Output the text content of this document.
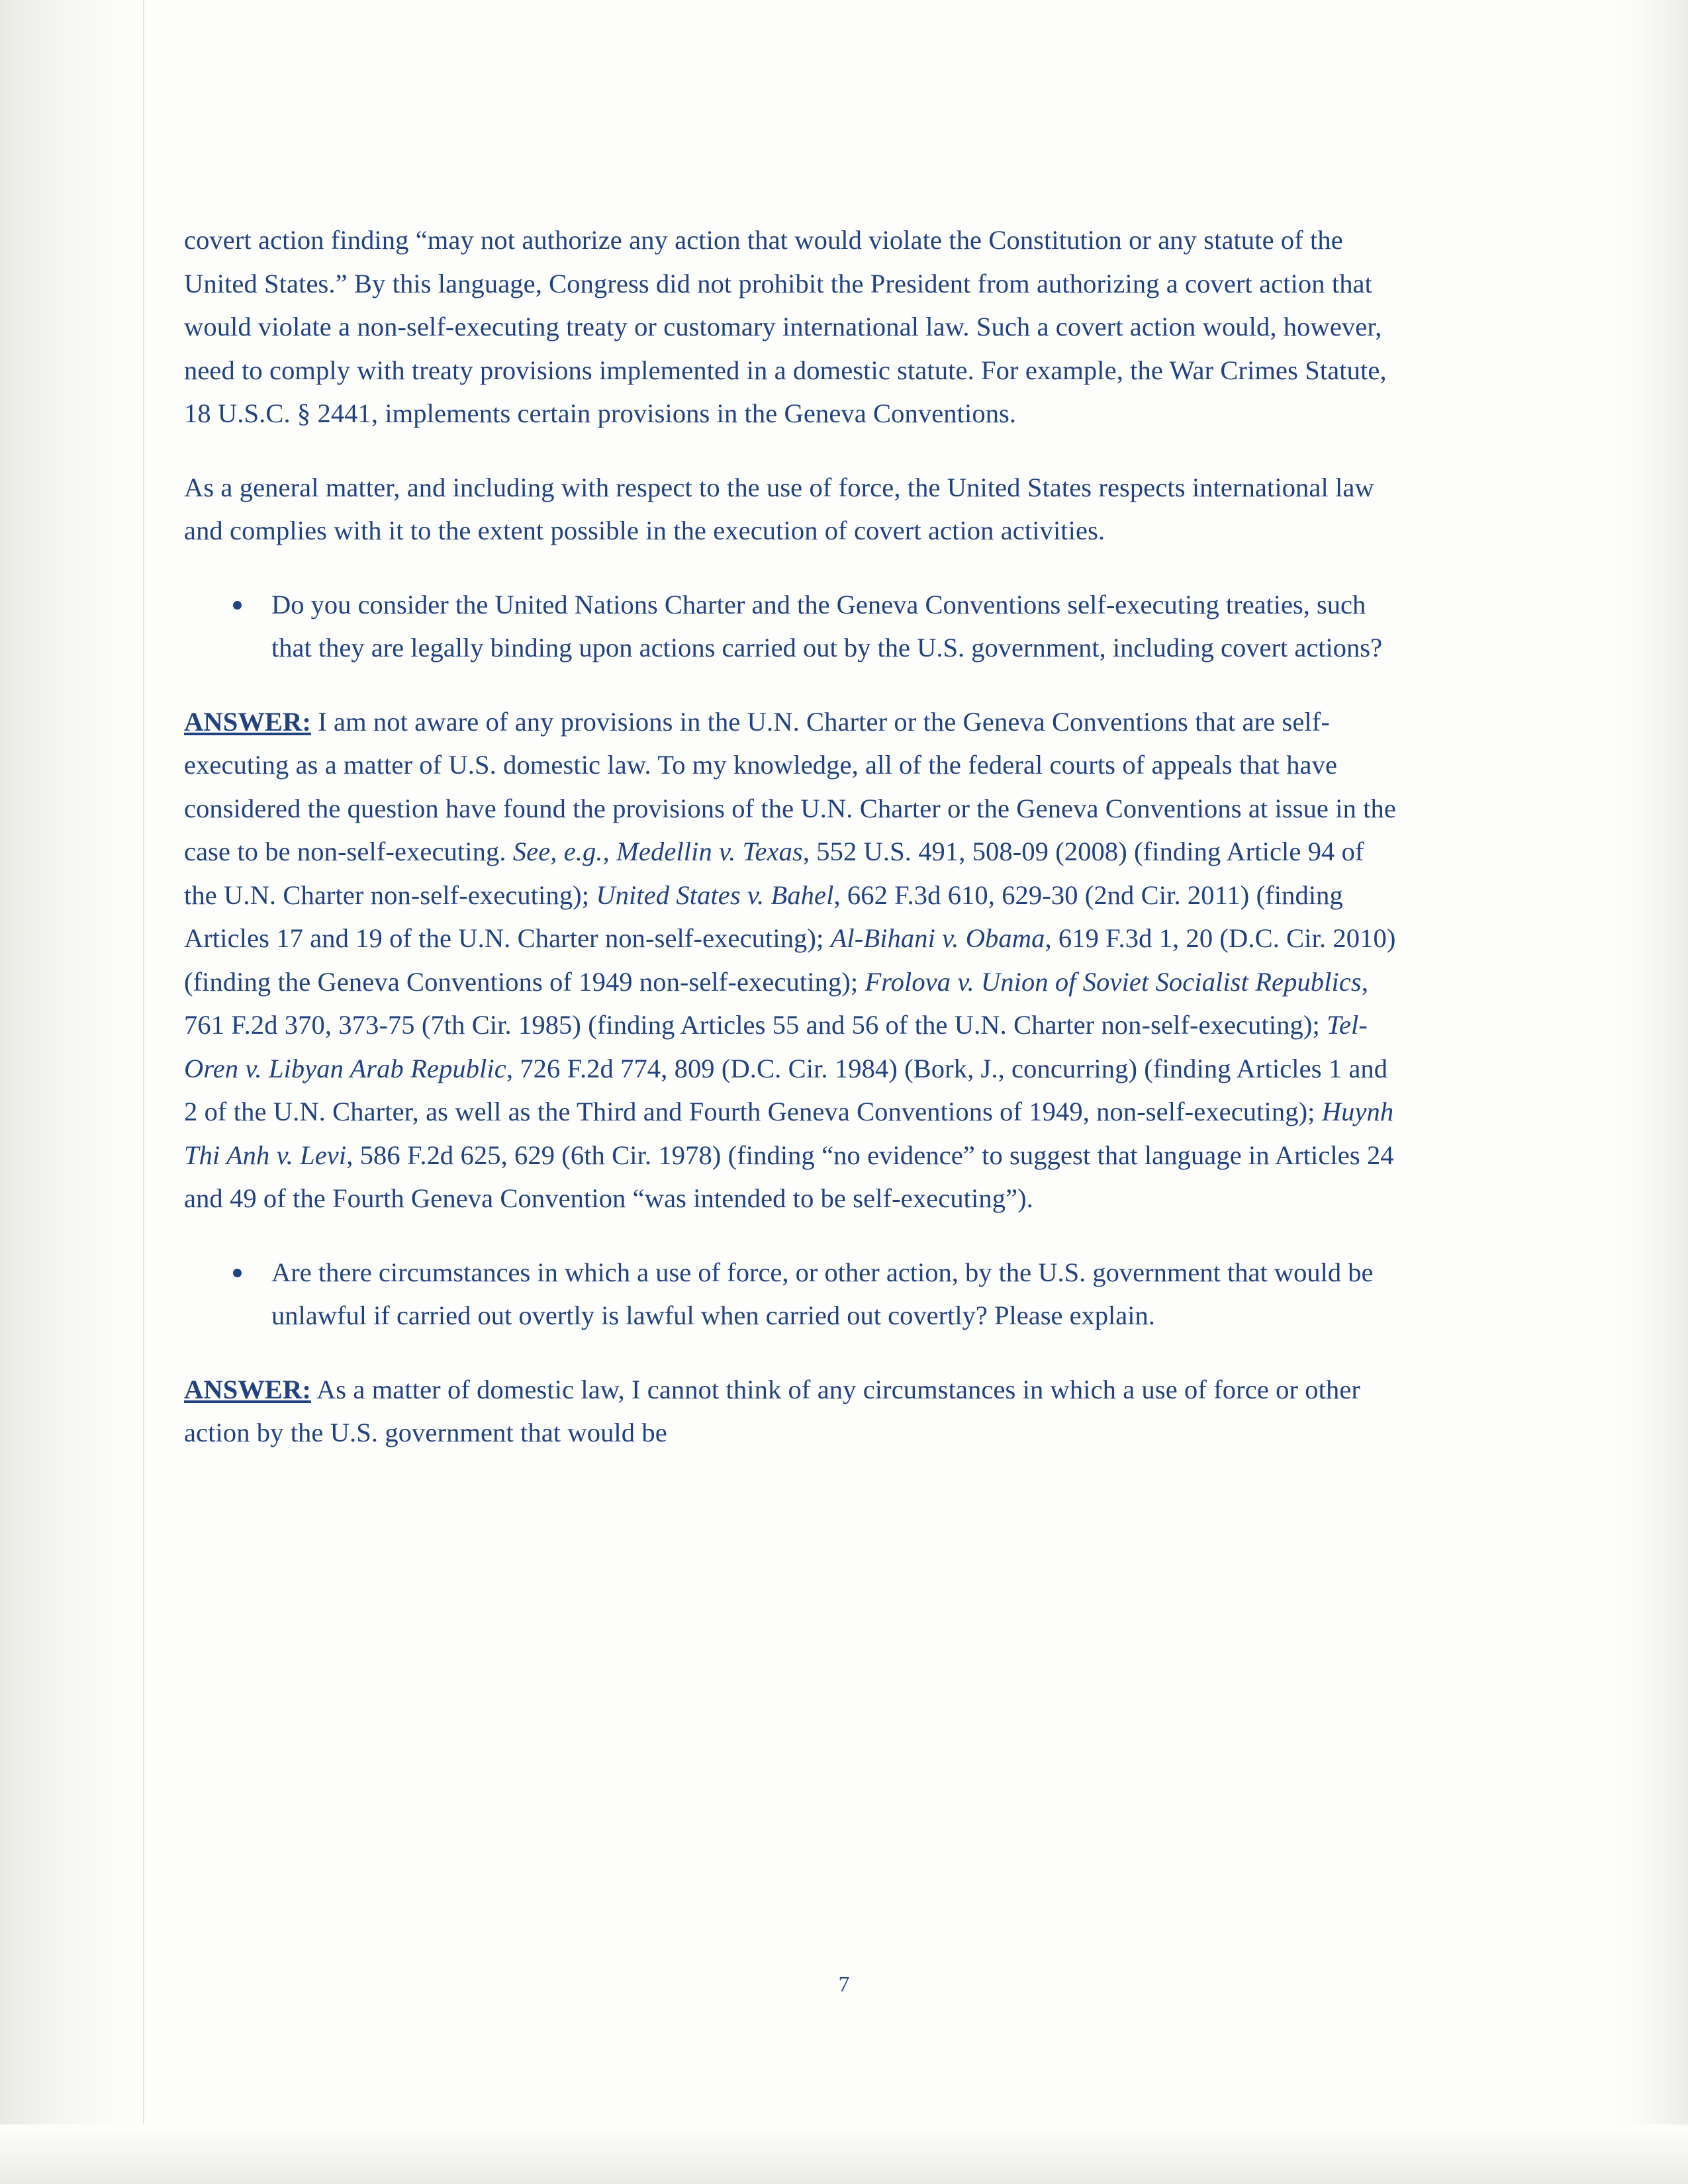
covert action finding “may not authorize any action that would violate the Constitution or any statute of the United States.” By this language, Congress did not prohibit the President from authorizing a covert action that would violate a non-self-executing treaty or customary international law. Such a covert action would, however, need to comply with treaty provisions implemented in a domestic statute. For example, the War Crimes Statute, 18 U.S.C. § 2441, implements certain provisions in the Geneva Conventions.

As a general matter, and including with respect to the use of force, the United States respects international law and complies with it to the extent possible in the execution of covert action activities.

Do you consider the United Nations Charter and the Geneva Conventions self-executing treaties, such that they are legally binding upon actions carried out by the U.S. government, including covert actions?

ANSWER: I am not aware of any provisions in the U.N. Charter or the Geneva Conventions that are self-executing as a matter of U.S. domestic law. To my knowledge, all of the federal courts of appeals that have considered the question have found the provisions of the U.N. Charter or the Geneva Conventions at issue in the case to be non-self-executing. See, e.g., Medellin v. Texas, 552 U.S. 491, 508-09 (2008) (finding Article 94 of the U.N. Charter non-self-executing); United States v. Bahel, 662 F.3d 610, 629-30 (2nd Cir. 2011) (finding Articles 17 and 19 of the U.N. Charter non-self-executing); Al-Bihani v. Obama, 619 F.3d 1, 20 (D.C. Cir. 2010) (finding the Geneva Conventions of 1949 non-self-executing); Frolova v. Union of Soviet Socialist Republics, 761 F.2d 370, 373-75 (7th Cir. 1985) (finding Articles 55 and 56 of the U.N. Charter non-self-executing); Tel-Oren v. Libyan Arab Republic, 726 F.2d 774, 809 (D.C. Cir. 1984) (Bork, J., concurring) (finding Articles 1 and 2 of the U.N. Charter, as well as the Third and Fourth Geneva Conventions of 1949, non-self-executing); Huynh Thi Anh v. Levi, 586 F.2d 625, 629 (6th Cir. 1978) (finding “no evidence” to suggest that language in Articles 24 and 49 of the Fourth Geneva Convention “was intended to be self-executing”).

Are there circumstances in which a use of force, or other action, by the U.S. government that would be unlawful if carried out overtly is lawful when carried out covertly? Please explain.

ANSWER: As a matter of domestic law, I cannot think of any circumstances in which a use of force or other action by the U.S. government that would be

7
